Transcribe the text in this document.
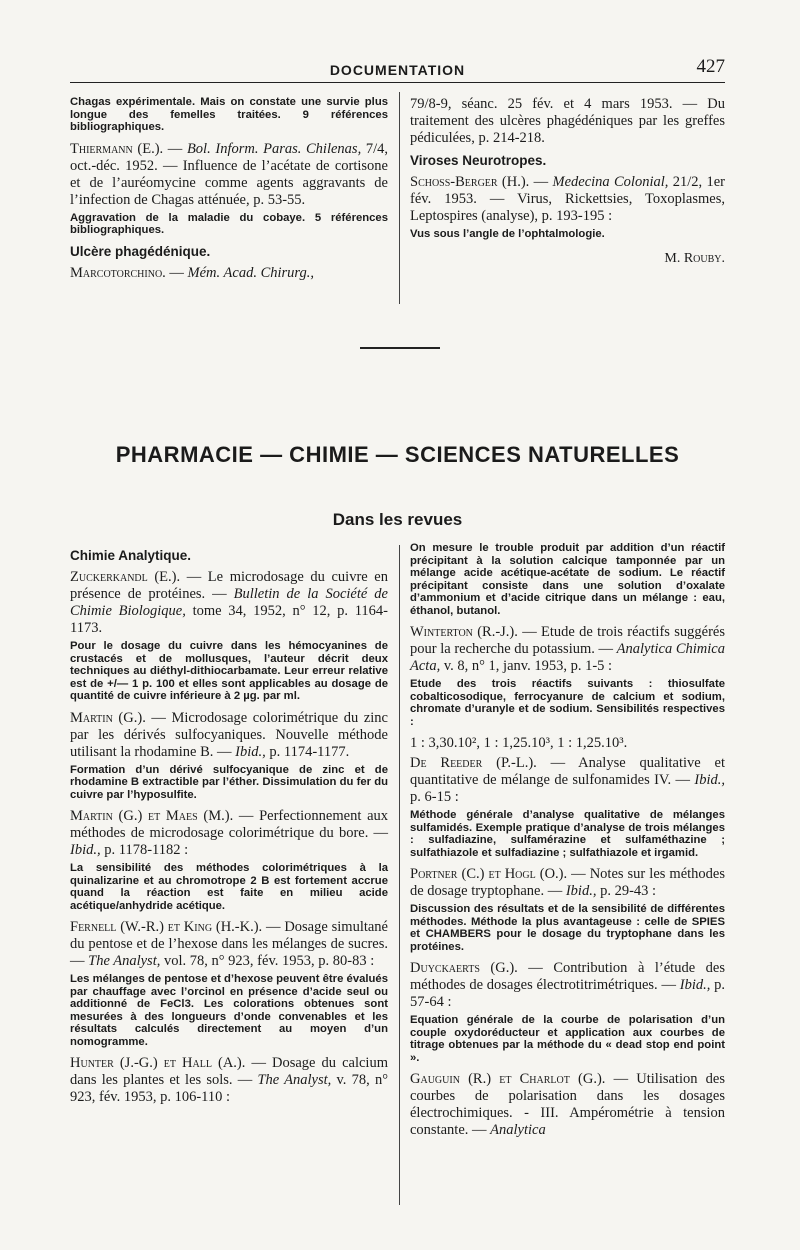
DOCUMENTATION	427

Chagas expérimentale. Mais on constate une survie plus longue des femelles traitées. 9 références bibliographiques.

Thiermann (E.). — Bol. Inform. Paras. Chilenas, 7/4, oct.-déc. 1952. — Influence de l’acétate de cortisone et de l’auréomycine comme agents aggravants de l’infection de Chagas atténuée, p. 53-55.

Aggravation de la maladie du cobaye. 5 références bibliographiques.

Ulcère phagédénique.

Marcotorchino. — Mém. Acad. Chirurg.,

79/8-9, séanc. 25 fév. et 4 mars 1953. — Du traitement des ulcères phagédéniques par les greffes pédiculées, p. 214-218.

Viroses Neurotropes.

Schoss-Berger (H.). — Medecina Colonial, 21/2, 1er fév. 1953. — Virus, Rickettsies, Toxoplasmes, Leptospires (analyse), p. 193-195 :

Vus sous l’angle de l’ophtalmologie.

M. Rouby.

PHARMACIE — CHIMIE — SCIENCES NATURELLES
Dans les revues

Chimie Analytique.

Zuckerkandl (E.). — Le microdosage du cuivre en présence de protéines. — Bulletin de la Société de Chimie Biologique, tome 34, 1952, n° 12, p. 1164-1173.

Pour le dosage du cuivre dans les hémocyanines de crustacés et de mollusques, l’auteur décrit deux techniques au diéthyl-dithiocarbamate. Leur erreur relative est de +/— 1 p. 100 et elles sont applicables au dosage de quantité de cuivre inférieure à 2 µg. par ml.

Martin (G.). — Microdosage colorimétrique du zinc par les dérivés sulfocyaniques. Nouvelle méthode utilisant la rhodamine B. — Ibid., p. 1174-1177.

Formation d’un dérivé sulfocyanique de zinc et de rhodamine B extractible par l’éther. Dissimulation du fer du cuivre par l’hyposulfite.

Martin (G.) et Maes (M.). — Perfectionnement aux méthodes de microdosage colorimétrique du bore. — Ibid., p. 1178-1182 :

La sensibilité des méthodes colorimétriques à la quinalizarine et au chromotrope 2 B est fortement accrue quand la réaction est faite en milieu acide acétique/anhydride acétique.

Fernell (W.-R.) et King (H.-K.). — Dosage simultané du pentose et de l’hexose dans les mélanges de sucres. — The Analyst, vol. 78, n° 923, fév. 1953, p. 80-83 :

Les mélanges de pentose et d’hexose peuvent être évalués par chauffage avec l’orcinol en présence d’acide seul ou additionné de FeCl3. Les colorations obtenues sont mesurées à des longueurs d’onde convenables et les résultats calculés directement au moyen d’un nomogramme.

Hunter (J.-G.) et Hall (A.). — Dosage du calcium dans les plantes et les sols. — The Analyst, v. 78, n° 923, fév. 1953, p. 106-110 :

On mesure le trouble produit par addition d’un réactif précipitant à la solution calcique tamponnée par un mélange acide acétique-acétate de sodium. Le réactif précipitant consiste dans une solution d’oxalate d’ammonium et d’acide citrique dans un mélange : eau, éthanol, butanol.

Winterton (R.-J.). — Etude de trois réactifs suggérés pour la recherche du potassium. — Analytica Chimica Acta, v. 8, n° 1, janv. 1953, p. 1-5 :

Etude des trois réactifs suivants : thiosulfate cobalticosodique, ferrocyanure de calcium et sodium, chromate d’uranyle et de sodium. Sensibilités respectives :

1 : 3,30.10², 1 : 1,25.10³, 1 : 1,25.10³.

De Reeder (P.-L.). — Analyse qualitative et quantitative de mélange de sulfonamides IV. — Ibid., p. 6-15 :

Méthode générale d’analyse qualitative de mélanges sulfamidés. Exemple pratique d’analyse de trois mélanges : sulfadiazine, sulfamérazine et sulfaméthazine ; sulfathiazole et sulfadiazine ; sulfathiazole et irgamid.

Portner (C.) et Hogl (O.). — Notes sur les méthodes de dosage tryptophane. — Ibid., p. 29-43 :

Discussion des résultats et de la sensibilité de différentes méthodes. Méthode la plus avantageuse : celle de SPIES et CHAMBERS pour le dosage du tryptophane dans les protéines.

Duyckaerts (G.). — Contribution à l’étude des méthodes de dosages électrotitrimétriques. — Ibid., p. 57-64 :

Equation générale de la courbe de polarisation d’un couple oxydoréducteur et application aux courbes de titrage obtenues par la méthode du « dead stop end point ».

Gauguin (R.) et Charlot (G.). — Utilisation des courbes de polarisation dans les dosages électrochimiques. - III. Ampérométrie à tension constante. — Analytica
